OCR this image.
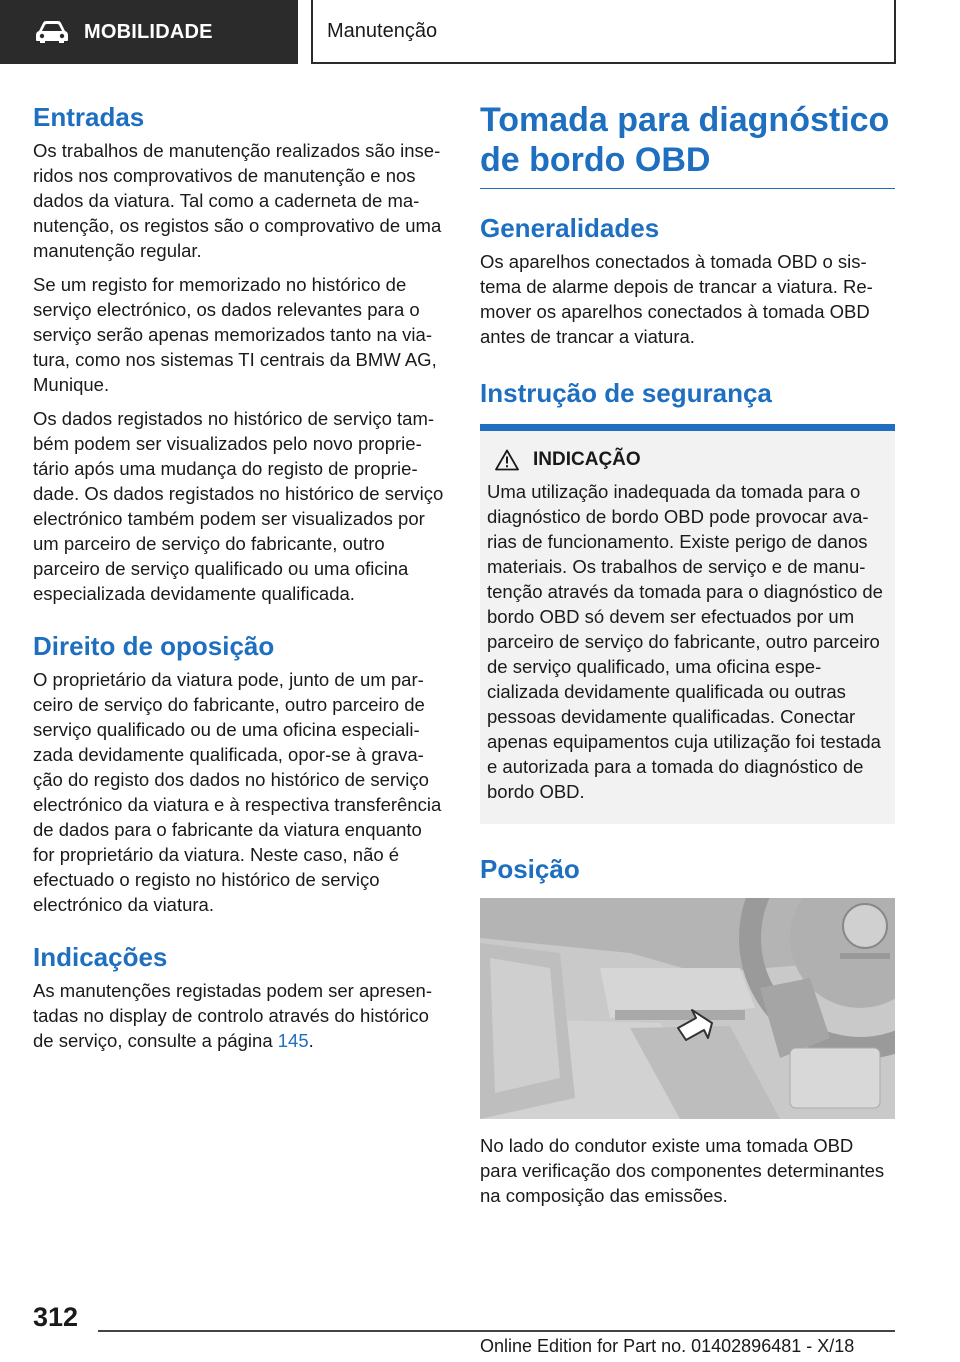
MOBILIDADE	Manutenção
Entradas

Os trabalhos de manutenção realizados são inseridos nos comprovativos de manutenção e nos dados da viatura. Tal como a caderneta de manutenção, os registos são o comprovativo de uma manutenção regular.

Se um registo for memorizado no histórico de serviço electrónico, os dados relevantes para o serviço serão apenas memorizados tanto na viatura, como nos sistemas TI centrais da BMW AG, Munique.

Os dados registados no histórico de serviço também podem ser visualizados pelo novo proprietário após uma mudança do registo de propriedade. Os dados registados no histórico de serviço electrónico também podem ser visualizados por um parceiro de serviço do fabricante, outro parceiro de serviço qualificado ou uma oficina especializada devidamente qualificada.

Direito de oposição

O proprietário da viatura pode, junto de um parceiro de serviço do fabricante, outro parceiro de serviço qualificado ou de uma oficina especializada devidamente qualificada, opor-se à gravação do registo dos dados no histórico de serviço electrónico da viatura e à respectiva transferência de dados para o fabricante da viatura enquanto for proprietário da viatura. Neste caso, não é efectuado o registo no histórico de serviço electrónico da viatura.

Indicações

As manutenções registadas podem ser apresentadas no display de controlo através do histórico de serviço, consulte a página 145.

Tomada para diagnóstico de bordo OBD
Generalidades

Os aparelhos conectados à tomada OBD o sistema de alarme depois de trancar a viatura. Remover os aparelhos conectados à tomada OBD antes de trancar a viatura.

Instrução de segurança
INDICAÇÃO

Uma utilização inadequada da tomada para o diagnóstico de bordo OBD pode provocar avarias de funcionamento. Existe perigo de danos materiais. Os trabalhos de serviço e de manutenção através da tomada para o diagnóstico de bordo OBD só devem ser efectuados por um parceiro de serviço do fabricante, outro parceiro de serviço qualificado, uma oficina especializada devidamente qualificada ou outras pessoas devidamente qualificadas. Conectar apenas equipamentos cuja utilização foi testada e autorizada para a tomada do diagnóstico de bordo OBD.

Posição

No lado do condutor existe uma tomada OBD para verificação dos componentes determinantes na composição das emissões.

312
Online Edition for Part no. 01402896481 - X/18
